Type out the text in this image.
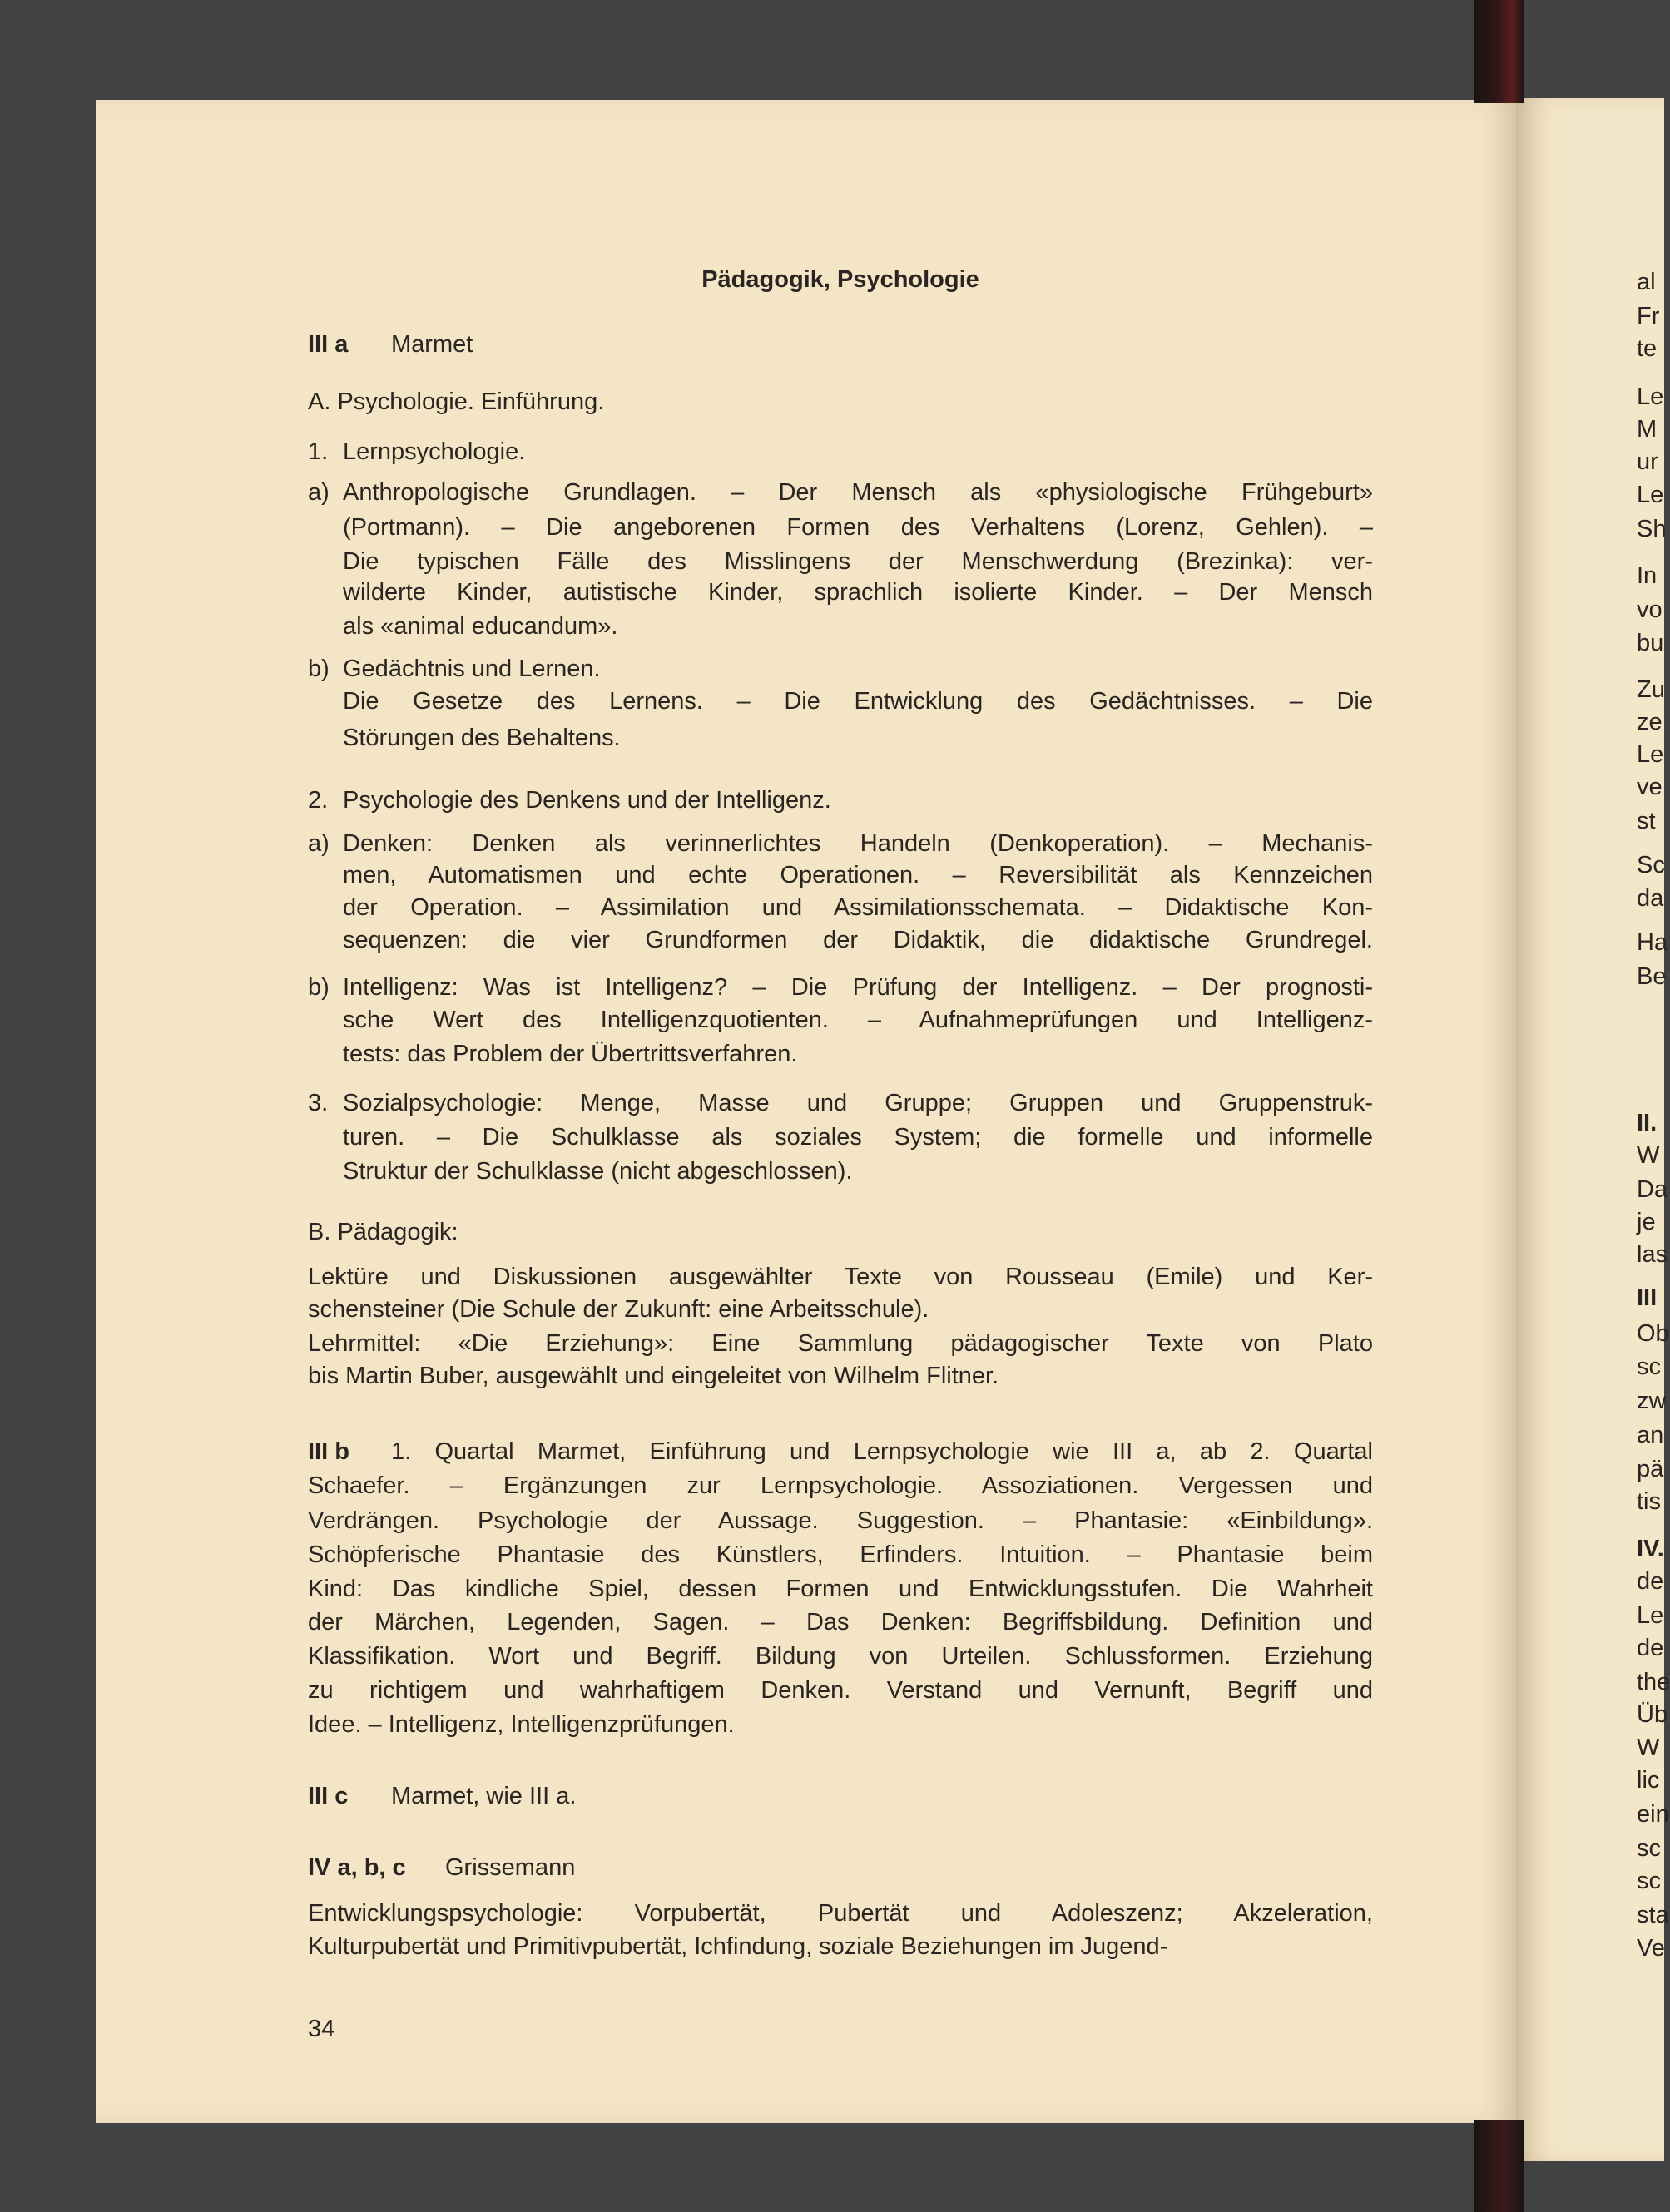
Pädagogik, Psychologie
III a Marmet
A. Psychologie. Einführung.
1. Lernpsychologie.
a) Anthropologische Grundlagen. – Der Mensch als «physiologische Frühgeburt»
(Portmann). – Die angeborenen Formen des Verhaltens (Lorenz, Gehlen). –
Die typischen Fälle des Misslingens der Menschwerdung (Brezinka): ver-
wilderte Kinder, autistische Kinder, sprachlich isolierte Kinder. – Der Mensch
als «animal educandum».
b) Gedächtnis und Lernen.
Die Gesetze des Lernens. – Die Entwicklung des Gedächtnisses. – Die
Störungen des Behaltens.
2. Psychologie des Denkens und der Intelligenz.
a) Denken: Denken als verinnerlichtes Handeln (Denkoperation). – Mechanis-
men, Automatismen und echte Operationen. – Reversibilität als Kennzeichen
der Operation. – Assimilation und Assimilationsschemata. – Didaktische Kon-
sequenzen: die vier Grundformen der Didaktik, die didaktische Grundregel.
b) Intelligenz: Was ist Intelligenz? – Die Prüfung der Intelligenz. – Der prognosti-
sche Wert des Intelligenzquotienten. – Aufnahmeprüfungen und Intelligenz-
tests: das Problem der Übertrittsverfahren.
3. Sozialpsychologie: Menge, Masse und Gruppe; Gruppen und Gruppenstruk-
turen. – Die Schulklasse als soziales System; die formelle und informelle
Struktur der Schulklasse (nicht abgeschlossen).
B. Pädagogik:
Lektüre und Diskussionen ausgewählter Texte von Rousseau (Emile) und Ker-
schensteiner (Die Schule der Zukunft: eine Arbeitsschule).
Lehrmittel: «Die Erziehung»: Eine Sammlung pädagogischer Texte von Plato
bis Martin Buber, ausgewählt und eingeleitet von Wilhelm Flitner.
III b 1. Quartal Marmet, Einführung und Lernpsychologie wie III a, ab 2. Quartal
Schaefer. – Ergänzungen zur Lernpsychologie. Assoziationen. Vergessen und
Verdrängen. Psychologie der Aussage. Suggestion. – Phantasie: «Einbildung».
Schöpferische Phantasie des Künstlers, Erfinders. Intuition. – Phantasie beim
Kind: Das kindliche Spiel, dessen Formen und Entwicklungsstufen. Die Wahrheit
der Märchen, Legenden, Sagen. – Das Denken: Begriffsbildung. Definition und
Klassifikation. Wort und Begriff. Bildung von Urteilen. Schlussformen. Erziehung
zu richtigem und wahrhaftigem Denken. Verstand und Vernunft, Begriff und
Idee. – Intelligenz, Intelligenzprüfungen.
III c Marmet, wie III a.
IV a, b, c Grissemann
Entwicklungspsychologie: Vorpubertät, Pubertät und Adoleszenz; Akzeleration,
Kulturpubertät und Primitivpubertät, Ichfindung, soziale Beziehungen im Jugend-
34
al
Fr
te
Le
M
ur
Le
Sh
In
vo
bu
Zu
ze
Le
ve
st
Sc
da
Ha
Be
II.
W
Da
je
las
III
Ob
sc
zw
an
pä
tis
IV.
de
Le
de
the
Üb
W
lic
ein
sc
sc
sta
Ve
